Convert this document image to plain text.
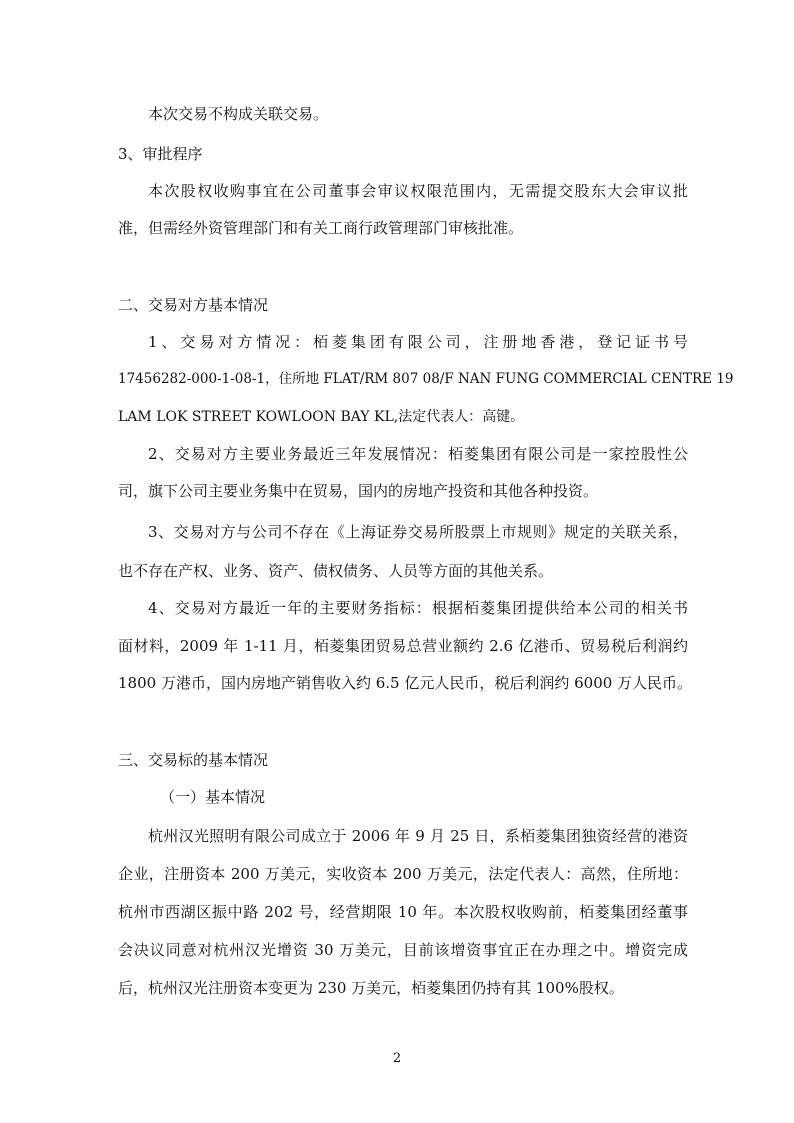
本次交易不构成关联交易。

3、审批程序

本次股权收购事宜在公司董事会审议权限范围内，无需提交股东大会审议批

准，但需经外资管理部门和有关工商行政管理部门审核批准。

二、交易对方基本情况

1、交易对方情况：栢菱集团有限公司，注册地香港，登记证书号

17456282-000-1-08-1，住所地 FLAT/RM 807 08/F NAN FUNG COMMERCIAL CENTRE 19

LAM LOK STREET KOWLOON BAY KL,法定代表人：高键。

2、交易对方主要业务最近三年发展情况：栢菱集团有限公司是一家控股性公

司，旗下公司主要业务集中在贸易，国内的房地产投资和其他各种投资。

3、交易对方与公司不存在《上海证券交易所股票上市规则》规定的关联关系，

也不存在产权、业务、资产、债权债务、人员等方面的其他关系。

4、交易对方最近一年的主要财务指标：根据栢菱集团提供给本公司的相关书

面材料，2009 年 1-11 月，栢菱集团贸易总营业额约 2.6 亿港币、贸易税后利润约

1800 万港币，国内房地产销售收入约 6.5 亿元人民币，税后利润约 6000 万人民币。

三、交易标的基本情况

（一）基本情况

杭州汉光照明有限公司成立于 2006 年 9 月 25 日，系栢菱集团独资经营的港资

企业，注册资本 200 万美元，实收资本 200 万美元，法定代表人：高然，住所地：

杭州市西湖区振中路 202 号，经营期限 10 年。本次股权收购前，栢菱集团经董事

会决议同意对杭州汉光增资 30 万美元，目前该增资事宜正在办理之中。增资完成

后，杭州汉光注册资本变更为 230 万美元，栢菱集团仍持有其 100%股权。

2
